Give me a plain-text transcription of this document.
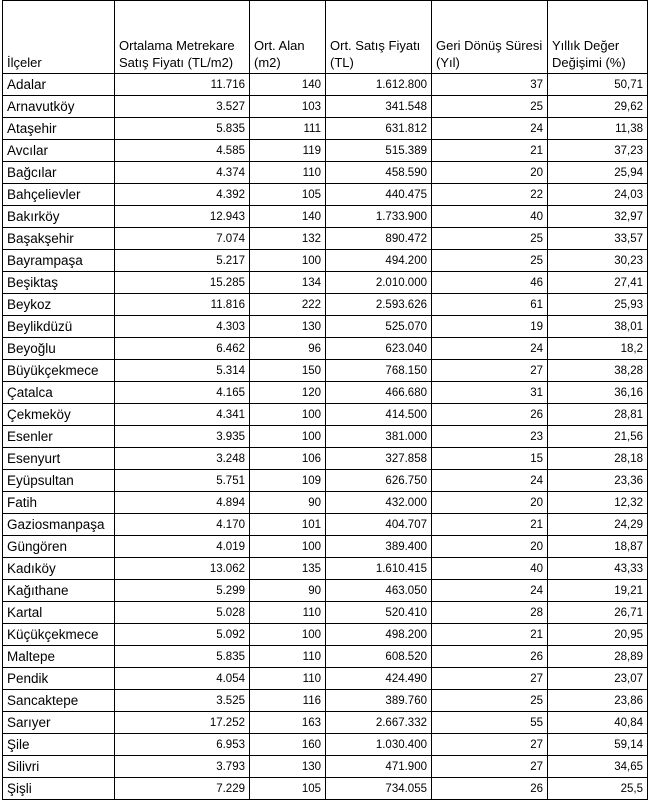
İlçeler	Ortalama Metrekare Satış Fiyatı (TL/m2)	Ort. Alan (m2)	Ort. Satış Fiyatı (TL)	Geri Dönüş Süresi (Yıl)	Yıllık Değer Değişimi (%)
Adalar	11.716	140	1.612.800	37	50,71
Arnavutköy	3.527	103	341.548	25	29,62
Ataşehir	5.835	111	631.812	24	11,38
Avcılar	4.585	119	515.389	21	37,23
Bağcılar	4.374	110	458.590	20	25,94
Bahçelievler	4.392	105	440.475	22	24,03
Bakırköy	12.943	140	1.733.900	40	32,97
Başakşehir	7.074	132	890.472	25	33,57
Bayrampaşa	5.217	100	494.200	25	30,23
Beşiktaş	15.285	134	2.010.000	46	27,41
Beykoz	11.816	222	2.593.626	61	25,93
Beylikdüzü	4.303	130	525.070	19	38,01
Beyoğlu	6.462	96	623.040	24	18,2
Büyükçekmece	5.314	150	768.150	27	38,28
Çatalca	4.165	120	466.680	31	36,16
Çekmeköy	4.341	100	414.500	26	28,81
Esenler	3.935	100	381.000	23	21,56
Esenyurt	3.248	106	327.858	15	28,18
Eyüpsultan	5.751	109	626.750	24	23,36
Fatih	4.894	90	432.000	20	12,32
Gaziosmanpaşa	4.170	101	404.707	21	24,29
Güngören	4.019	100	389.400	20	18,87
Kadıköy	13.062	135	1.610.415	40	43,33
Kağıthane	5.299	90	463.050	24	19,21
Kartal	5.028	110	520.410	28	26,71
Küçükçekmece	5.092	100	498.200	21	20,95
Maltepe	5.835	110	608.520	26	28,89
Pendik	4.054	110	424.490	27	23,07
Sancaktepe	3.525	116	389.760	25	23,86
Sarıyer	17.252	163	2.667.332	55	40,84
Şile	6.953	160	1.030.400	27	59,14
Silivri	3.793	130	471.900	27	34,65
Şişli	7.229	105	734.055	26	25,5
